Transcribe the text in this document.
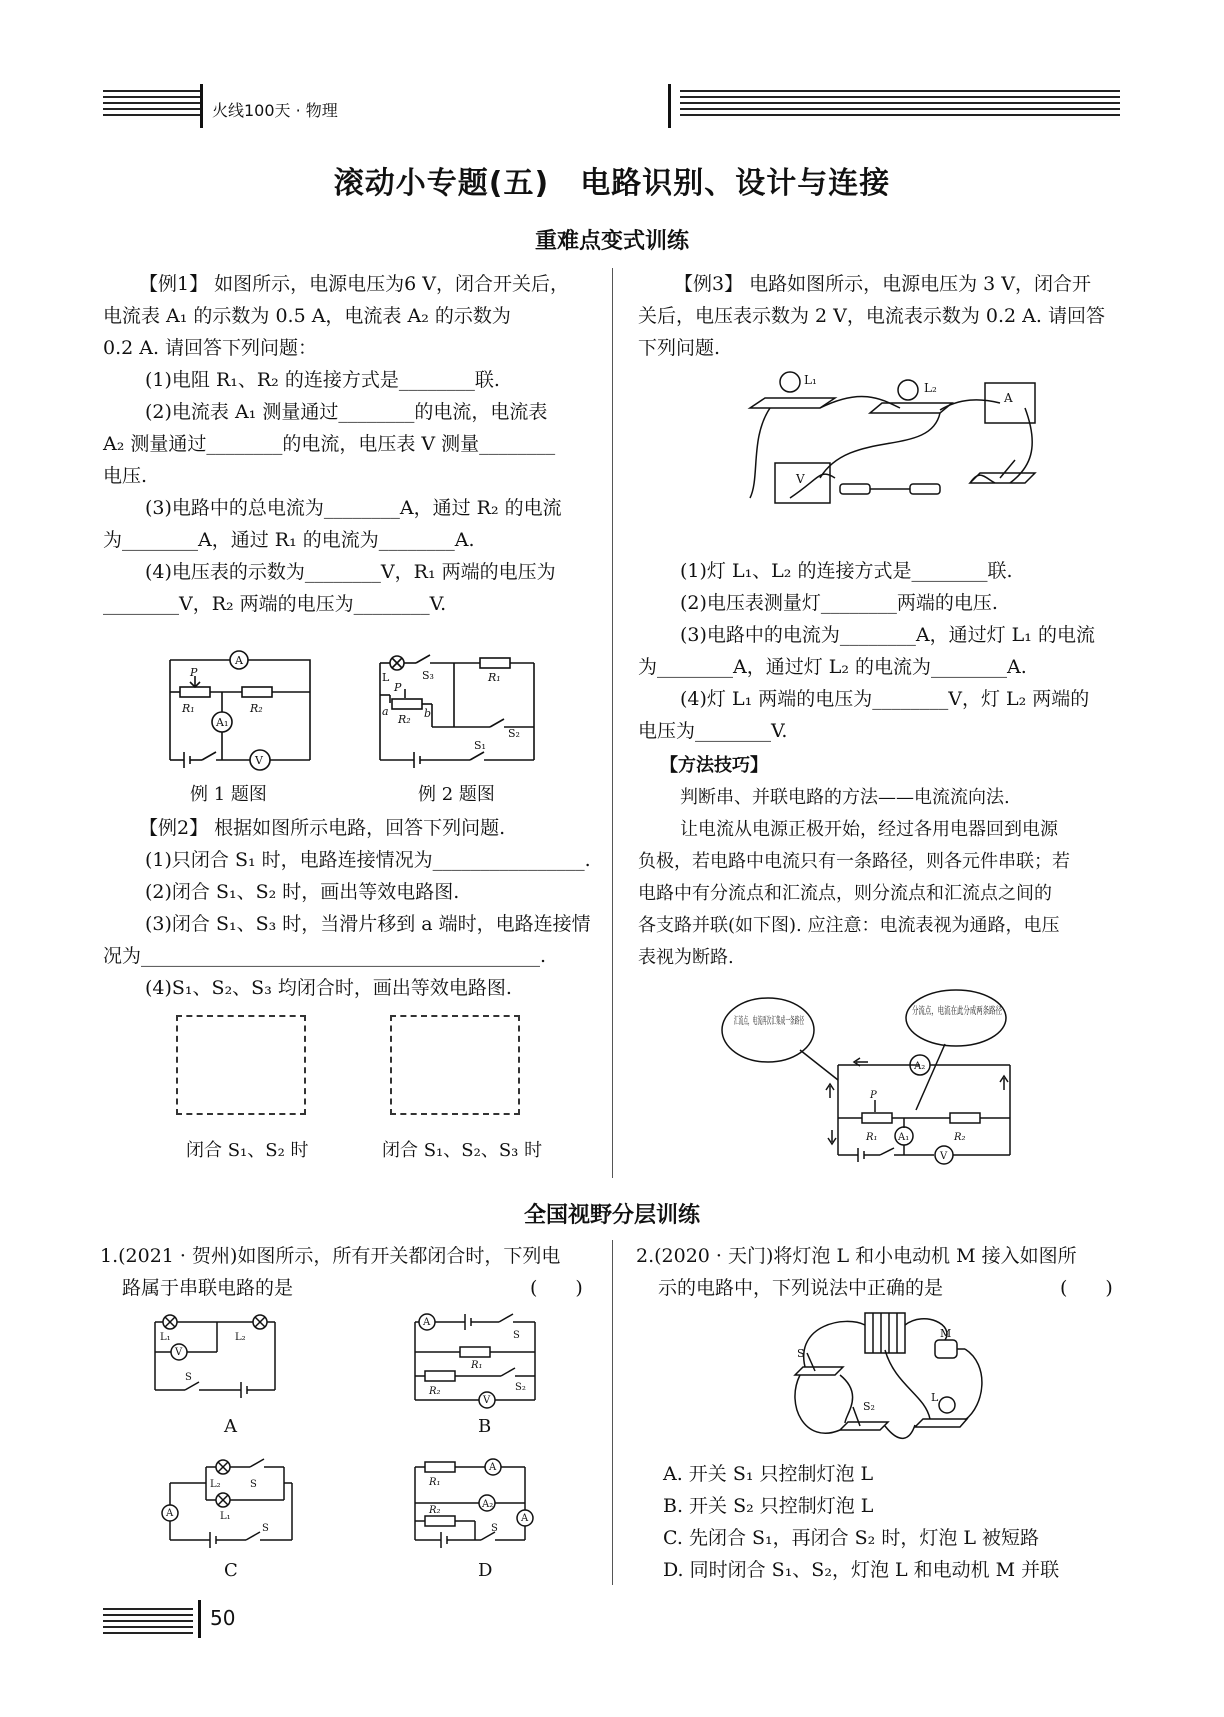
火线100天 · 物理
滚动小专题(五)　电路识别、设计与连接
重难点变式训练

【例1】 如图所示，电源电压为6 V，闭合开关后，

电流表 A₁ 的示数为 0.5 A，电流表 A₂ 的示数为

0.2 A. 请回答下列问题：

(1)电阻 R₁、R₂ 的连接方式是________联.

(2)电流表 A₁ 测量通过________的电流，电流表

A₂ 测量通过________的电流，电压表 V 测量________

电压.

(3)电路中的总电流为________A，通过 R₂ 的电流

为________A，通过 R₁ 的电流为________A.

(4)电压表的示数为________V，R₁ 两端的电压为

________V，R₂ 两端的电压为________V.

A
P
R₁	R₂
A₁
V
L	S₃	R₁
P
a	b
R₂
S₂
S₁
例 1 题图	例 2 题图

【例2】 根据如图所示电路，回答下列问题.

(1)只闭合 S₁ 时，电路连接情况为________________.

(2)闭合 S₁、S₂ 时，画出等效电路图.

(3)闭合 S₁、S₃ 时，当滑片移到 a 端时，电路连接情

况为__________________________________________.

(4)S₁、S₂、S₃ 均闭合时，画出等效电路图.

闭合 S₁、S₂ 时	闭合 S₁、S₂、S₃ 时

【例3】 电路如图所示，电源电压为 3 V，闭合开

关后，电压表示数为 2 V，电流表示数为 0.2 A. 请回答

下列问题.

L₁
L₂
A
V

(1)灯 L₁、L₂ 的连接方式是________联.

(2)电压表测量灯________两端的电压.

(3)电路中的电流为________A，通过灯 L₁ 的电流

为________A，通过灯 L₂ 的电流为________A.

(4)灯 L₁ 两端的电压为________V，灯 L₂ 两端的

电压为________V.

【方法技巧】

判断串、并联电路的方法——电流流向法.

让电流从电源正极开始，经过各用电器回到电源

负极，若电路中电流只有一条路径，则各元件串联；若

电路中有分流点和汇流点，则分流点和汇流点之间的

各支路并联(如下图). 应注意：电流表视为通路，电压

表视为断路.

汇流点，电流再次汇集成一条路径
分流点，电流在此分成两条路径
A₂
P
R₁	R₂
A₁
V
全国视野分层训练

1.(2021 · 贺州)如图所示，所有开关都闭合时，下列电

路属于串联电路的是	(　　)
L₁	L₂
V
S
A
S
R₁
R₂	S₂
V
A	B
L₂	S
L₁
A
S
R₁
A
A₂
R₂
A
S
C	D

2.(2020 · 天门)将灯泡 L 和小电动机 M 接入如图所

示的电路中，下列说法中正确的是	(　　)
S
M
S₂
L

A. 开关 S₁ 只控制灯泡 L

B. 开关 S₂ 只控制灯泡 L

C. 先闭合 S₁，再闭合 S₂ 时，灯泡 L 被短路

D. 同时闭合 S₁、S₂，灯泡 L 和电动机 M 并联

50
